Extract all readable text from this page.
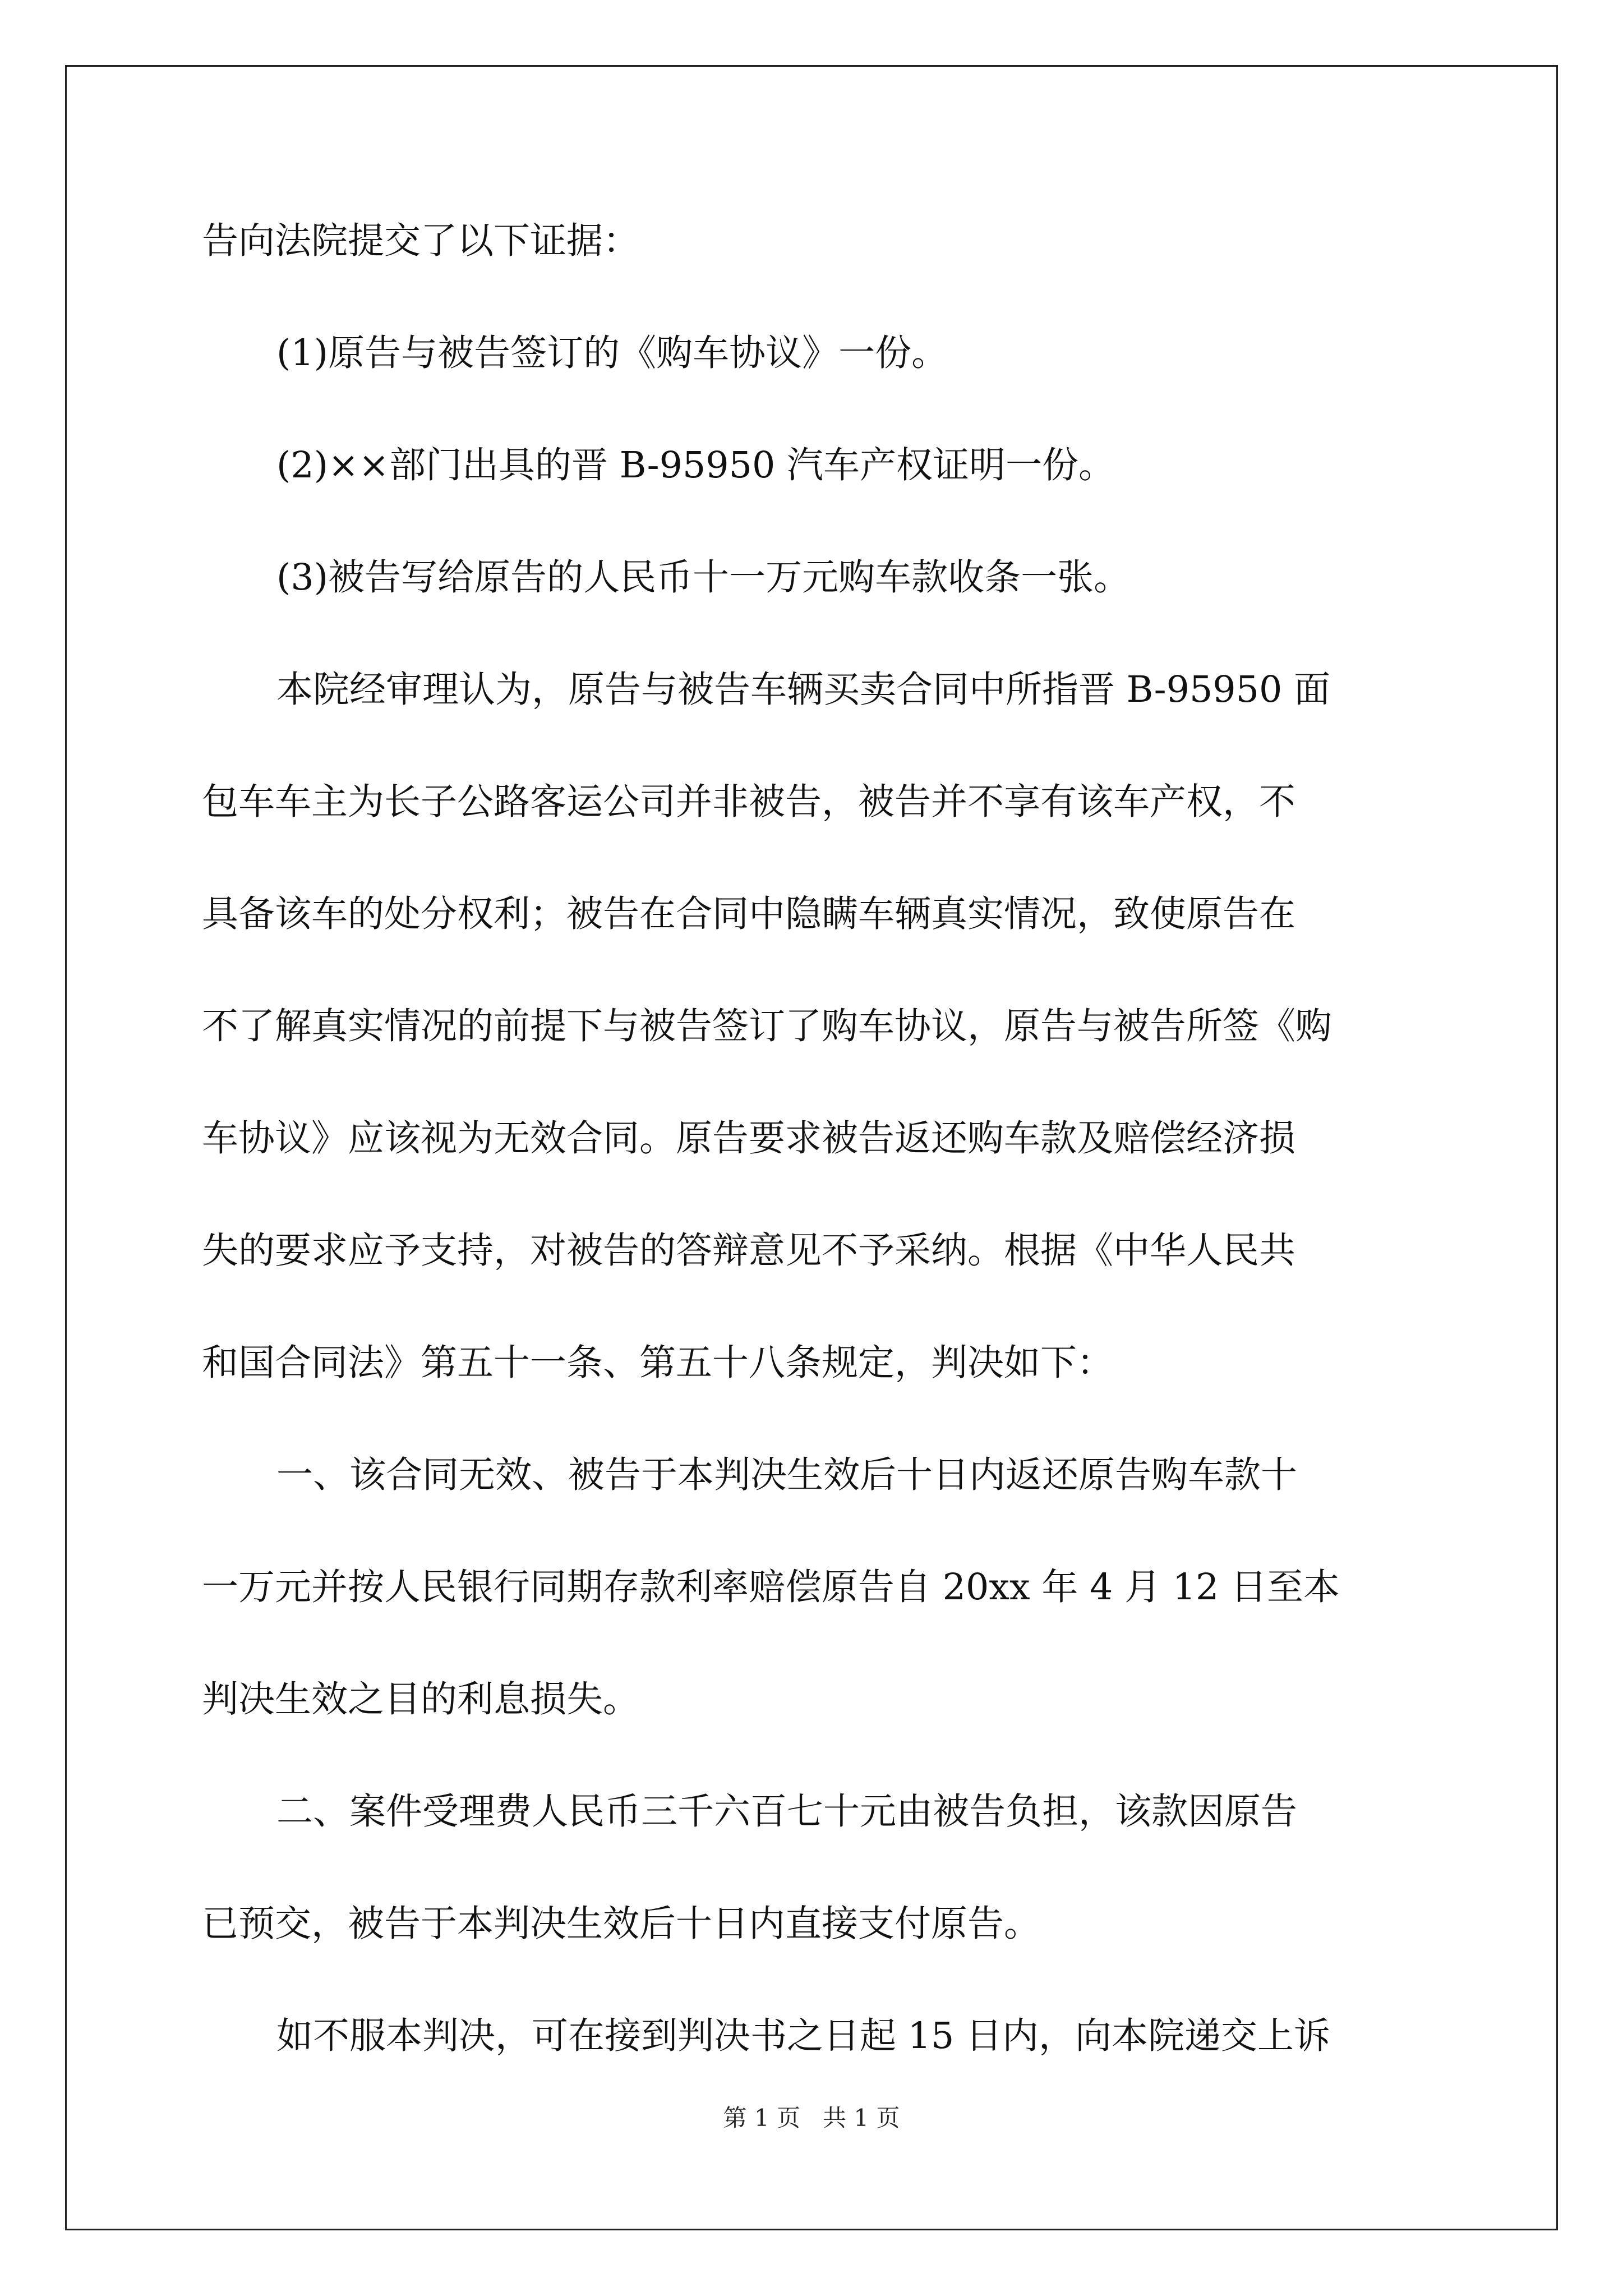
告向法院提交了以下证据：
(1)原告与被告签订的《购车协议》一份。
(2)××部门出具的晋 B-95950 汽车产权证明一份。
(3)被告写给原告的人民币十一万元购车款收条一张。
本院经审理认为，原告与被告车辆买卖合同中所指晋 B-95950 面
包车车主为长子公路客运公司并非被告，被告并不享有该车产权，不
具备该车的处分权利；被告在合同中隐瞒车辆真实情况，致使原告在
不了解真实情况的前提下与被告签订了购车协议，原告与被告所签《购
车协议》应该视为无效合同。原告要求被告返还购车款及赔偿经济损
失的要求应予支持，对被告的答辩意见不予采纳。根据《中华人民共
和国合同法》第五十一条、第五十八条规定，判决如下：
一、该合同无效、被告于本判决生效后十日内返还原告购车款十
一万元并按人民银行同期存款利率赔偿原告自 20xx 年 4 月 12 日至本
判决生效之目的利息损失。
二、案件受理费人民币三千六百七十元由被告负担，该款因原告
已预交，被告于本判决生效后十日内直接支付原告。
如不服本判决，可在接到判决书之日起 15 日内，向本院递交上诉
第 1 页   共 1 页
